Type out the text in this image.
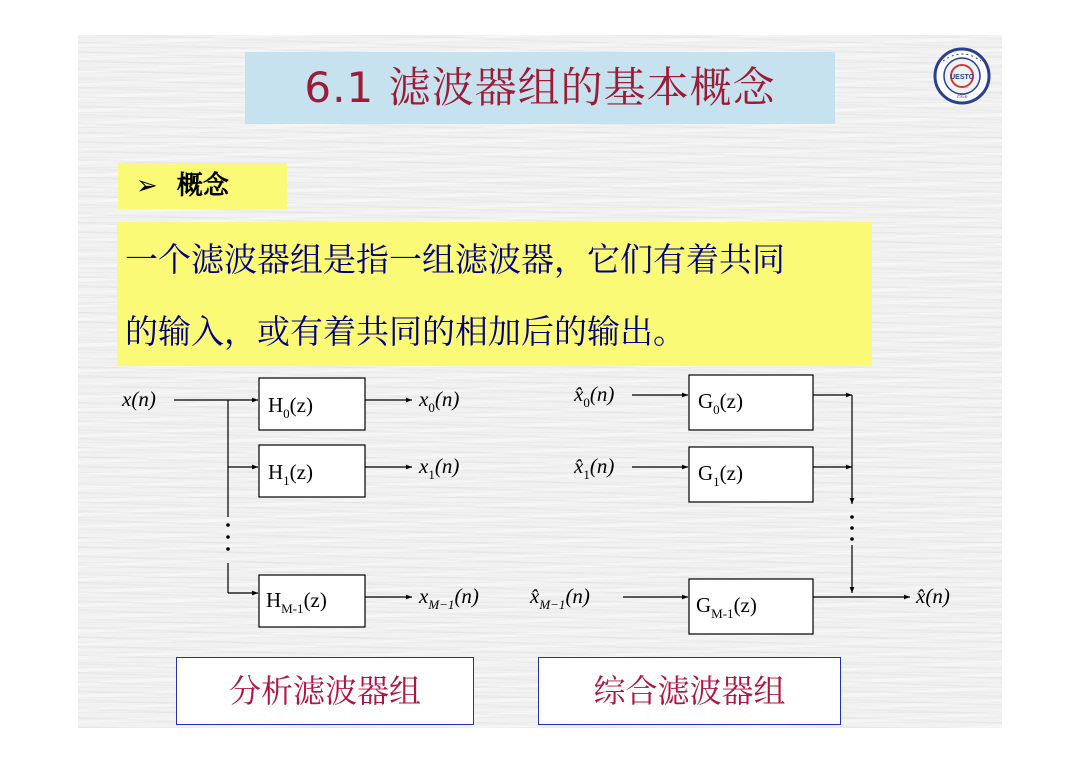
6.1 滤波器组的基本概念	UESTC
1956
➢ 概念
一个滤波器组是指一组滤波器，它们有着共同
的输入，或有着共同的相加后的输出。
x(n)	$H_0(z)$
$H_1(z)$
$H_{M-1}(z)$
$x_0(n)$
$x_1(n)$
$x_{M-1}(n)$
$x̂_0(n)$
$x̂_1(n)$
$x̂_{M-1}(n)$
$G_0(z)$
$G_1(z)$
$G_{M-1}(z)$	x̂(n)
分析滤波器组	综合滤波器组
